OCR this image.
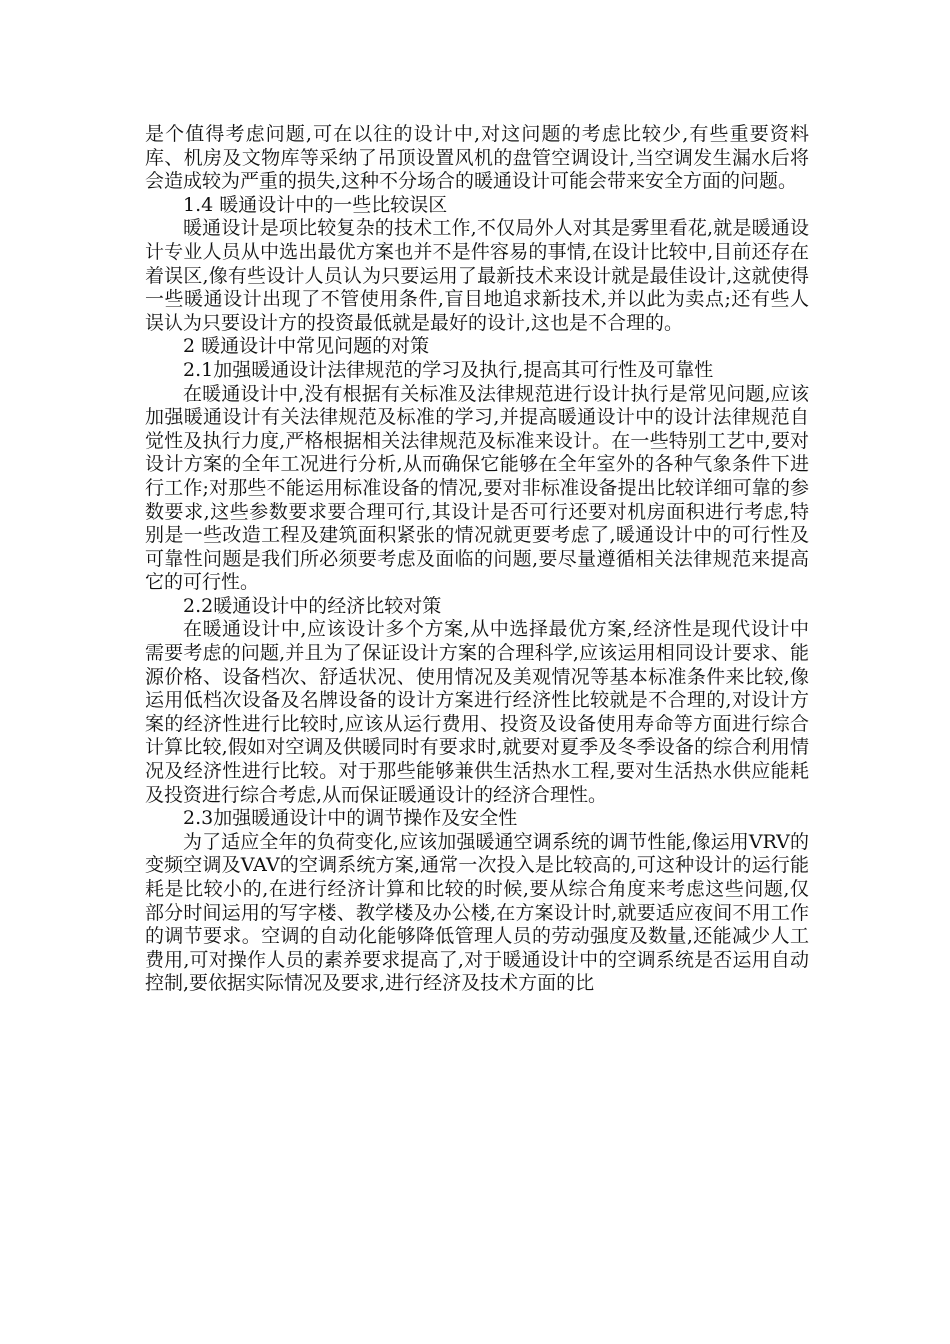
是个值得考虑问题,可在以往的设计中,对这问题的考虑比较少,有些重要资料库、机房及文物库等采纳了吊顶设置风机的盘管空调设计,当空调发生漏水后将会造成较为严重的损失,这种不分场合的暖通设计可能会带来安全方面的问题。

1.4 暖通设计中的一些比较误区

暖通设计是项比较复杂的技术工作,不仅局外人对其是雾里看花,就是暖通设计专业人员从中选出最优方案也并不是件容易的事情,在设计比较中,目前还存在着误区,像有些设计人员认为只要运用了最新技术来设计就是最佳设计,这就使得一些暖通设计出现了不管使用条件,盲目地追求新技术,并以此为卖点;还有些人误认为只要设计方的投资最低就是最好的设计,这也是不合理的。

2 暖通设计中常见问题的对策

2.1加强暖通设计法律规范的学习及执行,提高其可行性及可靠性

在暖通设计中,没有根据有关标准及法律规范进行设计执行是常见问题,应该加强暖通设计有关法律规范及标准的学习,并提高暖通设计中的设计法律规范自觉性及执行力度,严格根据相关法律规范及标准来设计。在一些特别工艺中,要对设计方案的全年工况进行分析,从而确保它能够在全年室外的各种气象条件下进行工作;对那些不能运用标准设备的情况,要对非标准设备提出比较详细可靠的参数要求,这些参数要求要合理可行,其设计是否可行还要对机房面积进行考虑,特别是一些改造工程及建筑面积紧张的情况就更要考虑了,暖通设计中的可行性及可靠性问题是我们所必须要考虑及面临的问题,要尽量遵循相关法律规范来提高它的可行性。

2.2暖通设计中的经济比较对策

在暖通设计中,应该设计多个方案,从中选择最优方案,经济性是现代设计中需要考虑的问题,并且为了保证设计方案的合理科学,应该运用相同设计要求、能源价格、设备档次、舒适状况、使用情况及美观情况等基本标准条件来比较,像运用低档次设备及名牌设备的设计方案进行经济性比较就是不合理的,对设计方案的经济性进行比较时,应该从运行费用、投资及设备使用寿命等方面进行综合计算比较,假如对空调及供暖同时有要求时,就要对夏季及冬季设备的综合利用情况及经济性进行比较。对于那些能够兼供生活热水工程,要对生活热水供应能耗及投资进行综合考虑,从而保证暖通设计的经济合理性。

2.3加强暖通设计中的调节操作及安全性

为了适应全年的负荷变化,应该加强暖通空调系统的调节性能,像运用VRV的变频空调及VAV的空调系统方案,通常一次投入是比较高的,可这种设计的运行能耗是比较小的,在进行经济计算和比较的时候,要从综合角度来考虑这些问题,仅部分时间运用的写字楼、教学楼及办公楼,在方案设计时,就要适应夜间不用工作的调节要求。空调的自动化能够降低管理人员的劳动强度及数量,还能减少人工费用,可对操作人员的素养要求提高了,对于暖通设计中的空调系统是否运用自动控制,要依据实际情况及要求,进行经济及技术方面的比
